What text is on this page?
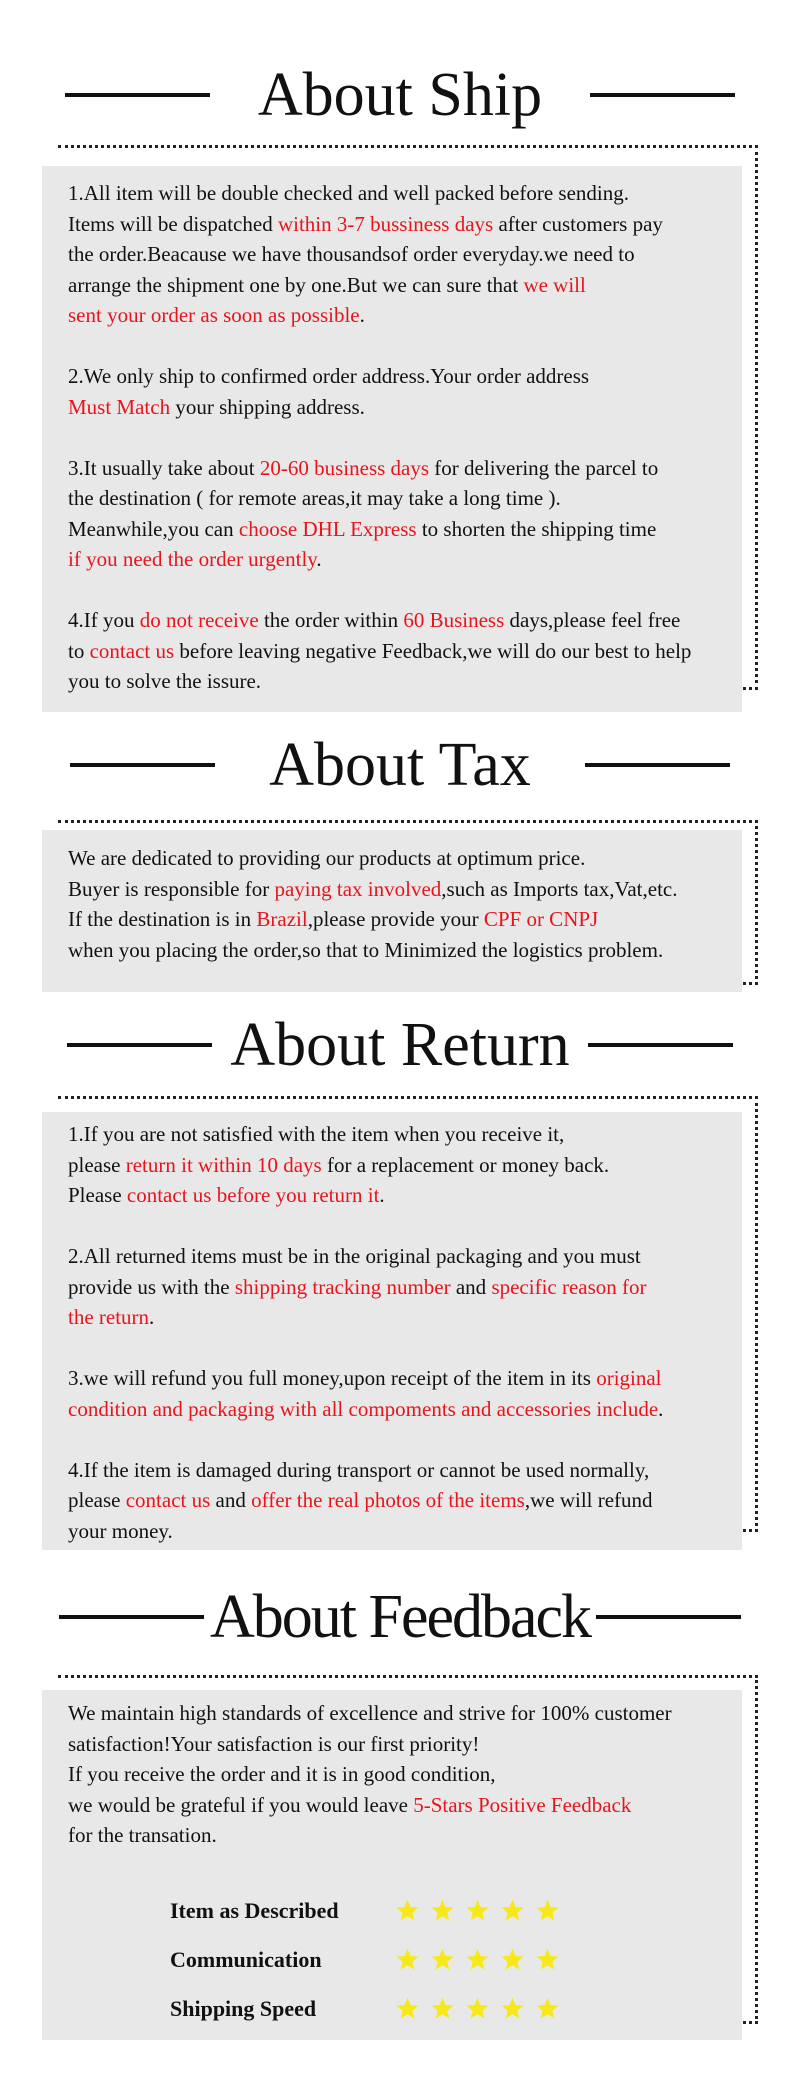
About Ship
1.All item will be double checked and well packed before sending.
Items will be dispatched within 3-7 bussiness days after customers pay
the order.Beacause we have thousandsof order everyday.we need to
arrange the shipment one by one.But we can sure that we will
sent your order as soon as possible.
2.We only ship to confirmed order address.Your order address
Must Match your shipping address.
3.It usually take about 20-60 business days for delivering the parcel to
the destination ( for remote areas,it may take a long time ).
Meanwhile,you can choose DHL Express to shorten the shipping time
if you need the order urgently.
4.If you do not receive the order within 60 Business days,please feel free
to contact us before leaving negative Feedback,we will do our best to help
you to solve the issure.
About Tax
We are dedicated to providing our products at optimum price.
Buyer is responsible for paying tax involved,such as Imports tax,Vat,etc.
If the destination is in Brazil,please provide your CPF or CNPJ
when you placing the order,so that to Minimized the logistics problem.
About Return
1.If you are not satisfied with the item when you receive it,
please return it within 10 days for a replacement or money back.
Please contact us before you return it.
2.All returned items must be in the original packaging and you must
provide us with the shipping tracking number and specific reason for
the return.
3.we will refund you full money,upon receipt of the item in its original
condition and packaging with all compoments and accessories include.
4.If the item is damaged during transport or cannot be used normally,
please contact us and offer the real photos of the items,we will refund
your money.
About Feedback
We maintain high standards of excellence and strive for 100% customer
satisfaction!Your satisfaction is our first priority!
If you receive the order and it is in good condition,
we would be grateful if you would leave 5-Stars Positive Feedback
for the transation.
Item as Described
Communication
Shipping Speed
